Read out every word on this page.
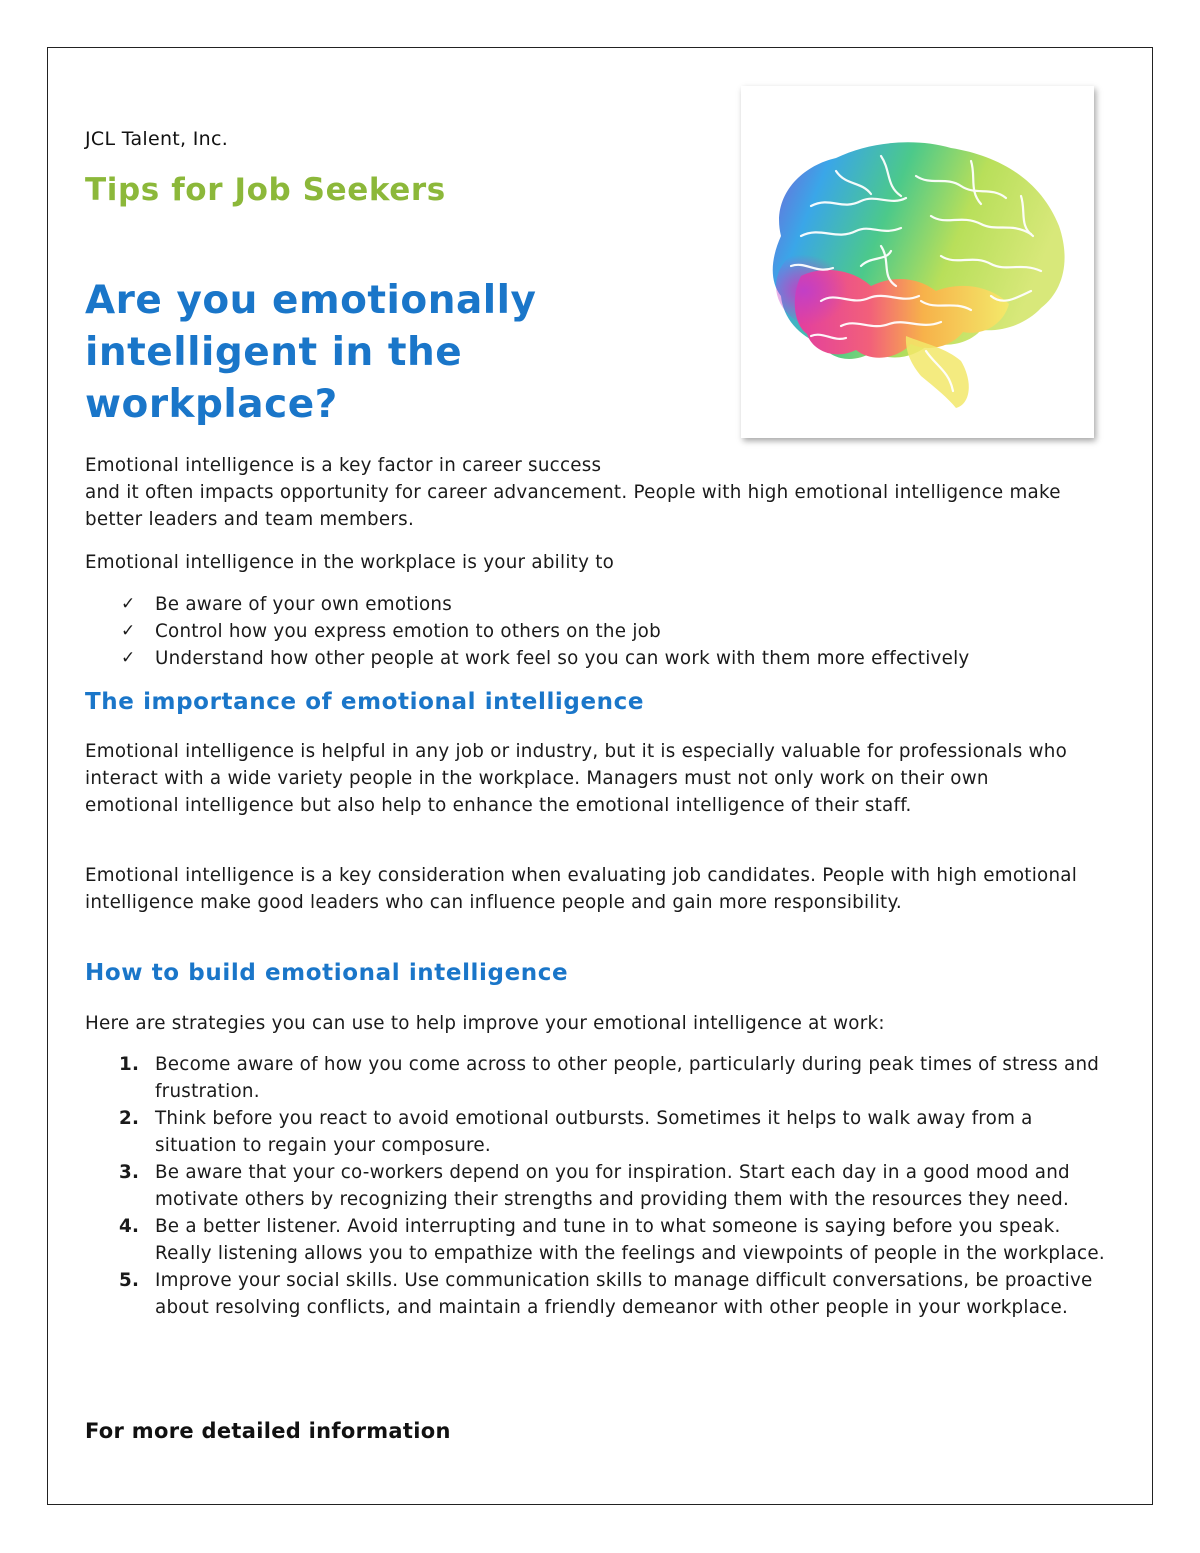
JCL Talent, Inc.
Tips for Job Seekers
Are you emotionally intelligent in the workplace?

Emotional intelligence is a key factor in career success

and it often impacts opportunity for career advancement. People with high emotional intelligence make better leaders and team members.

Emotional intelligence in the workplace is your ability to

✓ Be aware of your own emotions
✓ Control how you express emotion to others on the job
✓ Understand how other people at work feel so you can work with them more effectively
The importance of emotional intelligence

Emotional intelligence is helpful in any job or industry, but it is especially valuable for professionals who interact with a wide variety people in the workplace. Managers must not only work on their own emotional intelligence but also help to enhance the emotional intelligence of their staff.

Emotional intelligence is a key consideration when evaluating job candidates. People with high emotional intelligence make good leaders who can influence people and gain more responsibility.

How to build emotional intelligence

Here are strategies you can use to help improve your emotional intelligence at work:

1. Become aware of how you come across to other people, particularly during peak times of stress and frustration.
2. Think before you react to avoid emotional outbursts. Sometimes it helps to walk away from a situation to regain your composure.
3. Be aware that your co-workers depend on you for inspiration. Start each day in a good mood and motivate others by recognizing their strengths and providing them with the resources they need.
4. Be a better listener. Avoid interrupting and tune in to what someone is saying before you speak. Really listening allows you to empathize with the feelings and viewpoints of people in the workplace.
5. Improve your social skills. Use communication skills to manage difficult conversations, be proactive about resolving conflicts, and maintain a friendly demeanor with other people in your workplace.

For more detailed information
